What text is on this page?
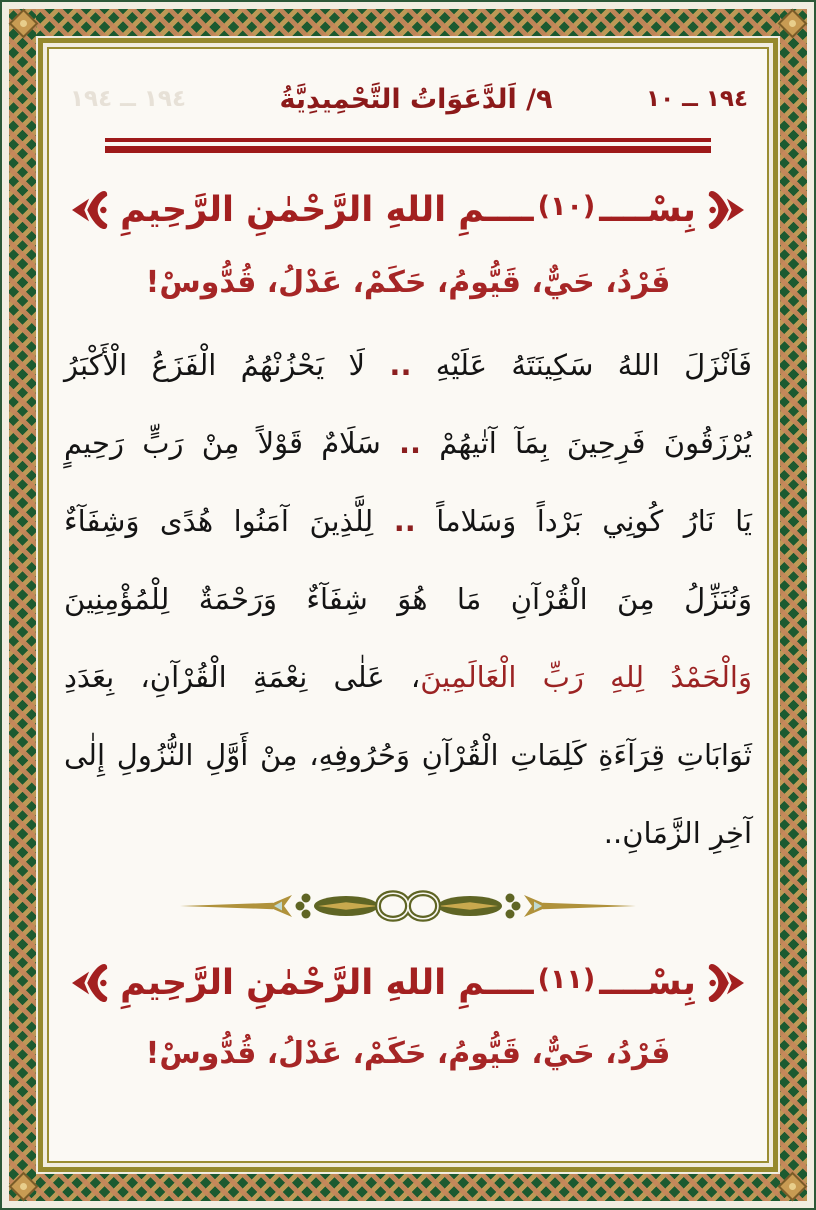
١٩٤ ــ ١٠
٩/ اَلدَّعَوَاتُ التَّحْمِيدِيَّةُ
١٩٤ ــ ١٩٤
بِسْــــ(١٠)ــــمِ اللهِ الرَّحْمٰنِ الرَّحِيمِ
فَرْدُ، حَيٌّ، قَيُّومُ، حَكَمْ، عَدْلُ، قُدُّوسْ!
فَاَنْزَلَ اللهُ سَكِينَتَهُ عَلَيْهِ .. لَا يَحْزُنْهُمُ الْفَزَعُ الْأَكْبَرُ
يُرْزَقُونَ فَرِحِينَ بِمَآ آتٰيهُمْ .. سَلَامٌ قَوْلاً مِنْ رَبٍّ رَحِيمٍ
يَا نَارُ كُونِي بَرْداً وَسَلاماً .. لِلَّذِينَ آمَنُوا هُدًى وَشِفَآءٌ
وَنُنَزِّلُ مِنَ الْقُرْآنِ مَا هُوَ شِفَآءٌ وَرَحْمَةٌ لِلْمُؤْمِنِينَ
وَالْحَمْدُ لِلهِ رَبِّ الْعَالَمِينَ، عَلٰى نِعْمَةِ الْقُرْآنِ، بِعَدَدِ
ثَوَابَاتِ قِرَآءَةِ كَلِمَاتِ الْقُرْآنِ وَحُرُوفِهِ، مِنْ أَوَّلِ النُّزُولِ إِلٰى
آخِرِ الزَّمَانِ..
بِسْــــ(١١)ــــمِ اللهِ الرَّحْمٰنِ الرَّحِيمِ
فَرْدُ، حَيٌّ، قَيُّومُ، حَكَمْ، عَدْلُ، قُدُّوسْ!
